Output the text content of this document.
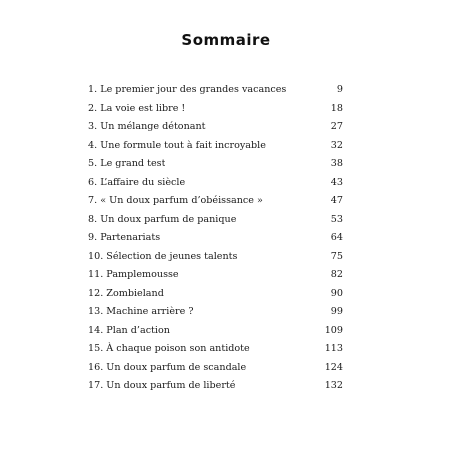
Sommaire
1. Le premier jour des grandes vacances	9
2. La voie est libre !	18
3. Un mélange détonant	27
4. Une formule tout à fait incroyable	32
5. Le grand test	38
6. L’affaire du siècle	43
7. « Un doux parfum d’obéissance »	47
8. Un doux parfum de panique	53
9. Partenariats	64
10. Sélection de jeunes talents	75
11. Pamplemousse	82
12. Zombieland	90
13. Machine arrière ?	99
14. Plan d’action	109
15. À chaque poison son antidote	113
16. Un doux parfum de scandale	124
17. Un doux parfum de liberté	132
